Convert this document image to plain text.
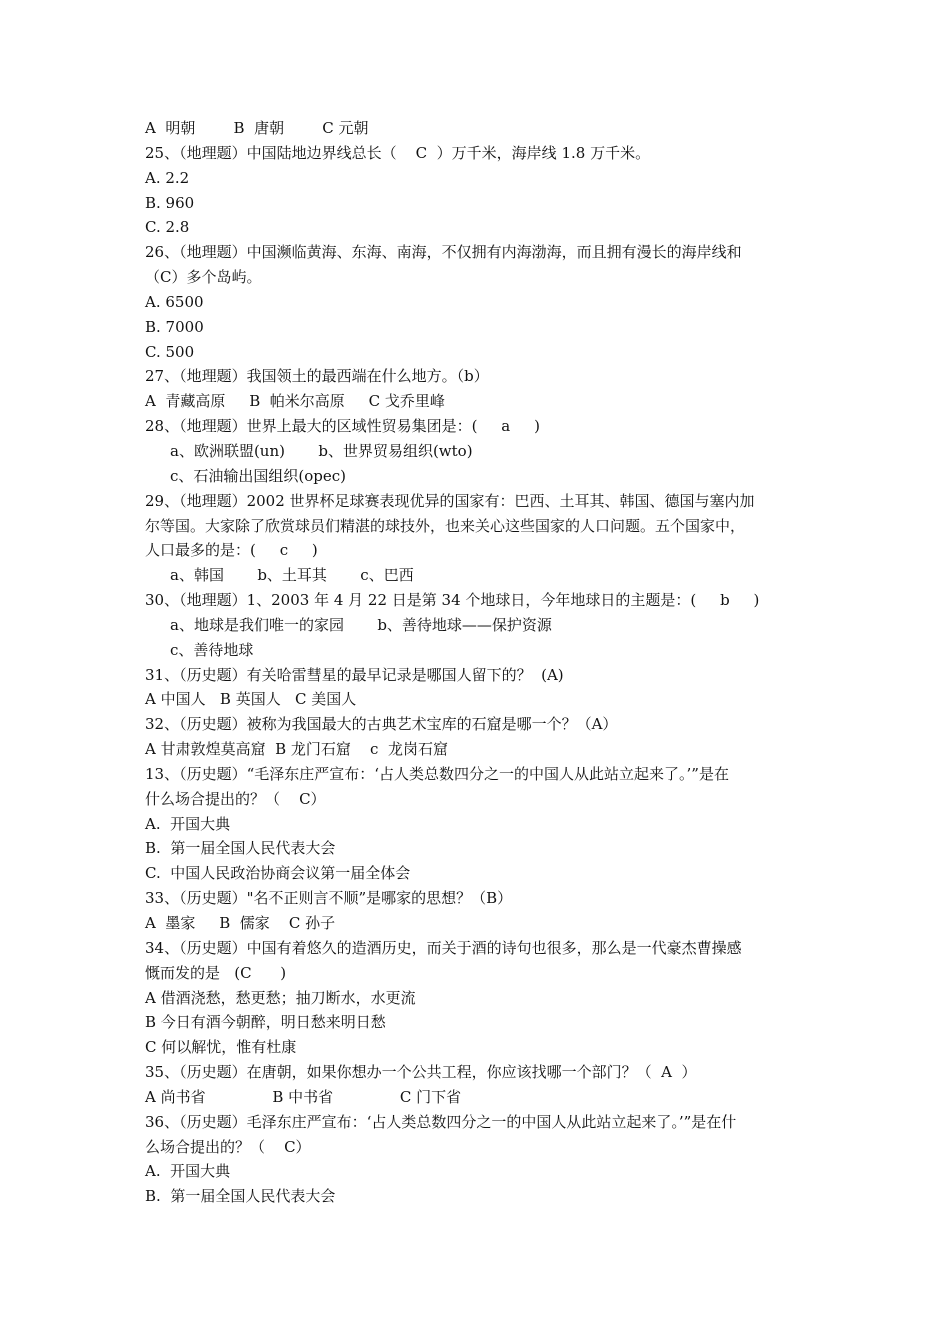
A  明朝        B  唐朝        C 元朝
25、（地理题）中国陆地边界线总长（    C  ）万千米，海岸线 1.8 万千米。
A. 2.2
B. 960
C. 2.8
26、（地理题）中国濒临黄海、东海、南海，不仅拥有内海渤海，而且拥有漫长的海岸线和
（C）多个岛屿。
A. 6500
B. 7000
C. 500
27、（地理题）我国领土的最西端在什么地方。（b）
A  青藏高原     B  帕米尔高原     C 戈乔里峰
28、（地理题）世界上最大的区域性贸易集团是：(     a     )
a、欧洲联盟(un)       b、世界贸易组织(wto)
c、石油输出国组织(opec)
29、（地理题）2002 世界杯足球赛表现优异的国家有：巴西、土耳其、韩国、德国与塞内加
尔等国。大家除了欣赏球员们精湛的球技外，也来关心这些国家的人口问题。五个国家中，
人口最多的是：(     c     )
a、韩国       b、土耳其       c、巴西
30、（地理题）1、2003 年 4 月 22 日是第 34 个地球日，今年地球日的主题是：(     b     )
a、地球是我们唯一的家园       b、善待地球——保护资源
c、善待地球
31、（历史题）有关哈雷彗星的最早记录是哪国人留下的？  (A)
A 中国人   B 英国人   C 美国人
32、（历史题）被称为我国最大的古典艺术宝库的石窟是哪一个？（A）
A 甘肃敦煌莫高窟  B 龙门石窟    c  龙岗石窟
13、（历史题）“毛泽东庄严宣布：‘占人类总数四分之一的中国人从此站立起来了。’”是在
什么场合提出的？（    C）
A.  开国大典
B.  第一届全国人民代表大会
C.  中国人民政治协商会议第一届全体会
33、（历史题）"名不正则言不顺”是哪家的思想？（B）
A  墨家     B  儒家    C 孙子
34、（历史题）中国有着悠久的造酒历史，而关于酒的诗句也很多，那么是一代豪杰曹操感
慨而发的是   (C      )
A 借酒浇愁，愁更愁；抽刀断水，水更流
B 今日有酒今朝醉，明日愁来明日愁
C 何以解忧，惟有杜康
35、（历史题）在唐朝，如果你想办一个公共工程，你应该找哪一个部门？（  A  ）
A 尚书省              B 中书省              C 门下省
36、（历史题）毛泽东庄严宣布：‘占人类总数四分之一的中国人从此站立起来了。’”是在什
么场合提出的？（    C）
A.  开国大典
B.  第一届全国人民代表大会
